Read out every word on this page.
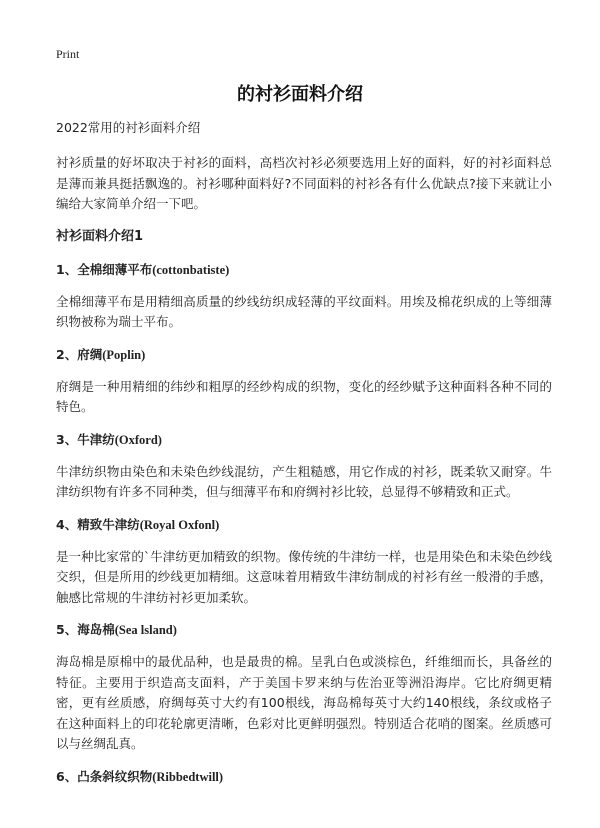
Print
的衬衫面料介绍

2022常用的衬衫面料介绍

衬衫质量的好坏取决于衬衫的面料，高档次衬衫必须要选用上好的面料，好的衬衫面料总是薄而兼具挺括飘逸的。衬衫哪种面料好?不同面料的衬衫各有什么优缺点?接下来就让小编给大家简单介绍一下吧。

衬衫面料介绍1
1、全棉细薄平布(cottonbatiste)

全棉细薄平布是用精细高质量的纱线纺织成轻薄的平纹面料。用埃及棉花织成的上等细薄织物被称为瑞士平布。

2、府绸(Poplin)

府绸是一种用精细的纬纱和粗厚的经纱构成的织物，变化的经纱赋予这种面料各种不同的特色。

3、牛津纺(Oxford)

牛津纺织物由染色和未染色纱线混纺，产生粗糙感，用它作成的衬衫，既柔软又耐穿。牛津纺织物有许多不同种类，但与细薄平布和府绸衬衫比较，总显得不够精致和正式。

4、精致牛津纺(Royal Oxfonl)

是一种比家常的`牛津纺更加精致的织物。像传统的牛津纺一样，也是用染色和未染色纱线交织，但是所用的纱线更加精细。这意味着用精致牛津纺制成的衬衫有丝一般滑的手感，触感比常规的牛津纺衬衫更加柔软。

5、海岛棉(Sea lsland)

海岛棉是原棉中的最优品种，也是最贵的棉。呈乳白色或淡棕色，纤维细而长，具备丝的特征。主要用于织造高支面料，产于美国卡罗来纳与佐治亚等洲沿海岸。它比府绸更精密，更有丝质感，府绸每英寸大约有100根线，海岛棉每英寸大约140根线，条纹或格子在这种面料上的印花轮廓更清晰，色彩对比更鲜明强烈。特别适合花哨的图案。丝质感可以与丝绸乱真。

6、凸条斜纹织物(Ribbedtwill)
